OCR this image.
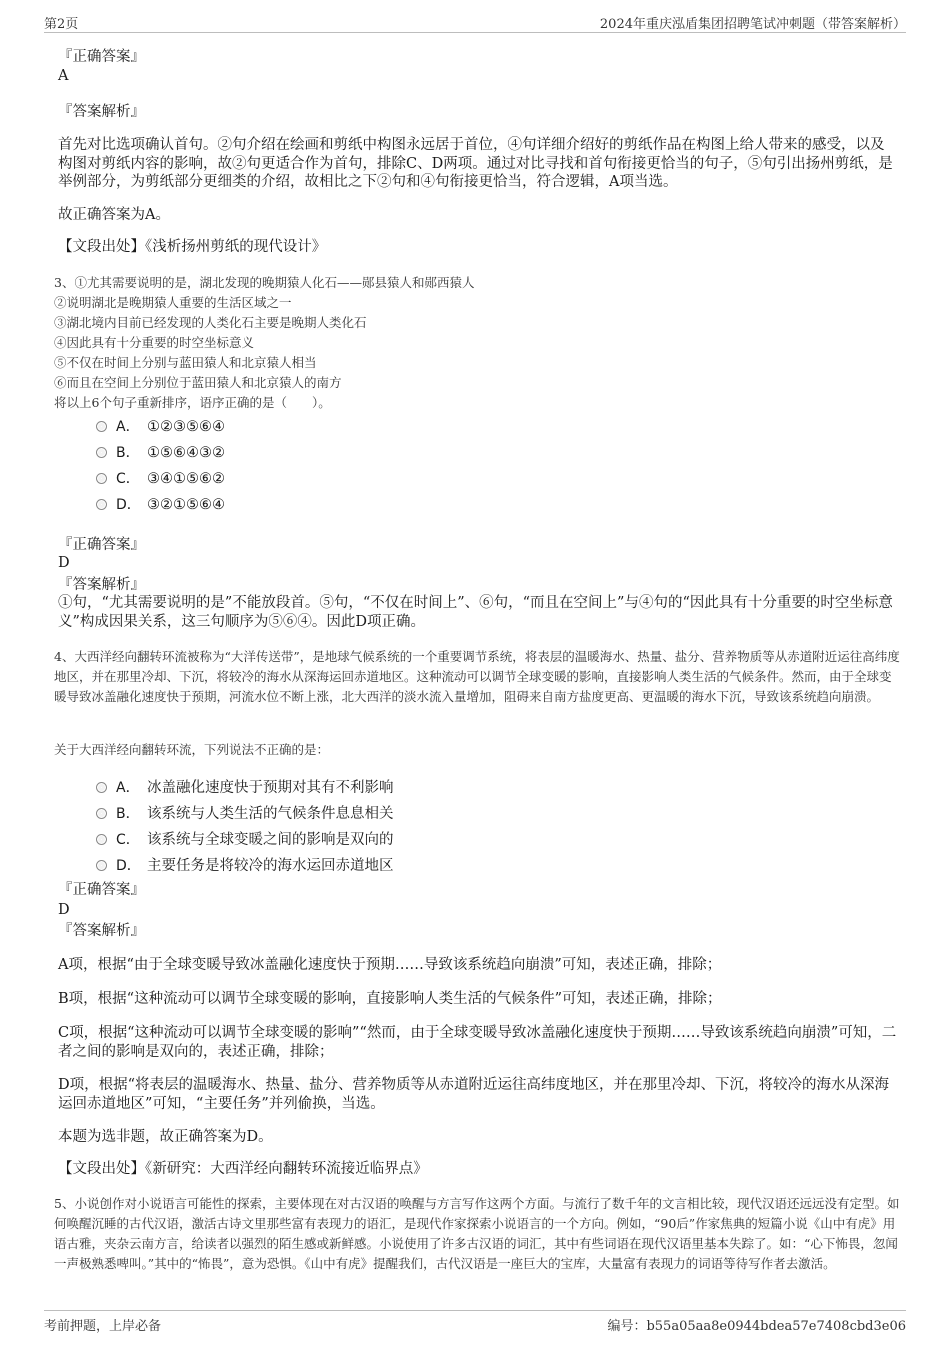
第2页	2024年重庆泓盾集团招聘笔试冲刺题（带答案解析）
『正确答案』
A
『答案解析』
首先对比选项确认首句。②句介绍在绘画和剪纸中构图永远居于首位，④句详细介绍好的剪纸作品在构图上给人带来的感受，以及构图对剪纸内容的影响，故②句更适合作为首句，排除C、D两项。通过对比寻找和首句衔接更恰当的句子，⑤句引出扬州剪纸，是举例部分，为剪纸部分更细类的介绍，故相比之下②句和④句衔接更恰当，符合逻辑，A项当选。
故正确答案为A。
【文段出处】《浅析扬州剪纸的现代设计》
3、①尤其需要说明的是，湖北发现的晚期猿人化石——郧县猿人和郧西猿人
②说明湖北是晚期猿人重要的生活区域之一
③湖北境内目前已经发现的人类化石主要是晚期人类化石
④因此具有十分重要的时空坐标意义
⑤不仅在时间上分别与蓝田猿人和北京猿人相当
⑥而且在空间上分别位于蓝田猿人和北京猿人的南方
将以上6个句子重新排序，语序正确的是（　　）。
A． ①②③⑤⑥④
B． ①⑤⑥④③②
C． ③④①⑤⑥②
D． ③②①⑤⑥④
『正确答案』
D
『答案解析』
①句，“尤其需要说明的是”不能放段首。⑤句，“不仅在时间上”、⑥句，“而且在空间上”与④句的“因此具有十分重要的时空坐标意义”构成因果关系，这三句顺序为⑤⑥④。因此D项正确。
4、大西洋经向翻转环流被称为“大洋传送带”，是地球气候系统的一个重要调节系统，将表层的温暖海水、热量、盐分、营养物质等从赤道附近运往高纬度地区，并在那里冷却、下沉，将较冷的海水从深海运回赤道地区。这种流动可以调节全球变暖的影响，直接影响人类生活的气候条件。然而，由于全球变暖导致冰盖融化速度快于预期，河流水位不断上涨，北大西洋的淡水流入量增加，阻碍来自南方盐度更高、更温暖的海水下沉，导致该系统趋向崩溃。
关于大西洋经向翻转环流，下列说法不正确的是：
A． 冰盖融化速度快于预期对其有不利影响
B． 该系统与人类生活的气候条件息息相关
C． 该系统与全球变暖之间的影响是双向的
D． 主要任务是将较冷的海水运回赤道地区
『正确答案』
D
『答案解析』
A项，根据“由于全球变暖导致冰盖融化速度快于预期……导致该系统趋向崩溃”可知，表述正确，排除；
B项，根据“这种流动可以调节全球变暖的影响，直接影响人类生活的气候条件”可知，表述正确，排除；
C项，根据“这种流动可以调节全球变暖的影响”“然而，由于全球变暖导致冰盖融化速度快于预期……导致该系统趋向崩溃”可知，二者之间的影响是双向的，表述正确，排除；
D项，根据“将表层的温暖海水、热量、盐分、营养物质等从赤道附近运往高纬度地区，并在那里冷却、下沉，将较冷的海水从深海运回赤道地区”可知，“主要任务”并列偷换，当选。
本题为选非题，故正确答案为D。
【文段出处】《新研究：大西洋经向翻转环流接近临界点》
5、小说创作对小说语言可能性的探索，主要体现在对古汉语的唤醒与方言写作这两个方面。与流行了数千年的文言相比较，现代汉语还远远没有定型。如何唤醒沉睡的古代汉语，激活古诗文里那些富有表现力的语汇，是现代作家探索小说语言的一个方向。例如，“90后”作家焦典的短篇小说《山中有虎》用语古雅，夹杂云南方言，给读者以强烈的陌生感或新鲜感。小说使用了许多古汉语的词汇，其中有些词语在现代汉语里基本失踪了。如：“心下怖畏，忽闻一声极熟悉啤叫。”其中的“怖畏”，意为恐惧。《山中有虎》提醒我们，古代汉语是一座巨大的宝库，大量富有表现力的词语等待写作者去激活。
考前押题，上岸必备	编号：b55a05aa8e0944bdea57e7408cbd3e06
